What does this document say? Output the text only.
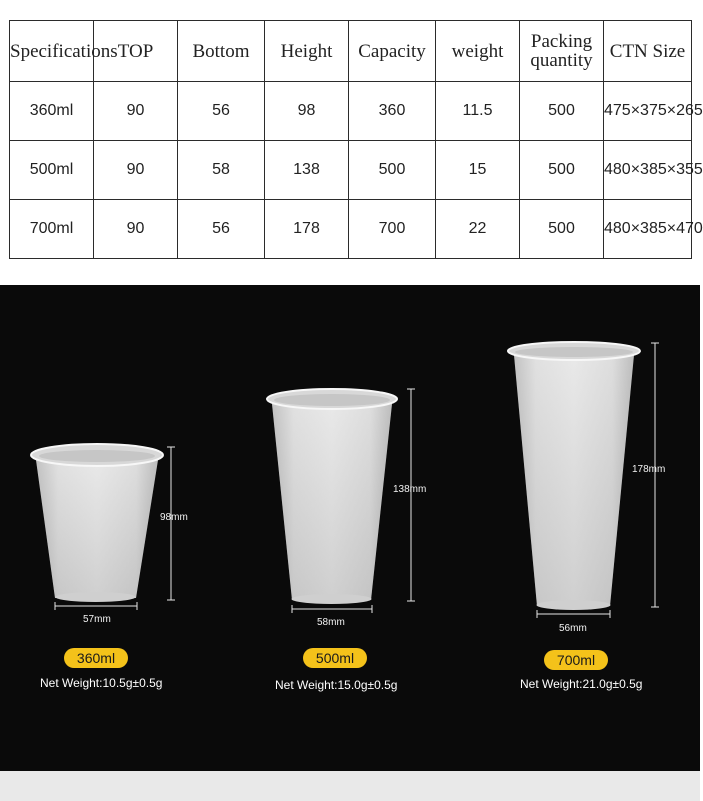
Specifications	TOP	Bottom	Height	Capacity	weight	Packing quantity	CTN Size
360ml	90	56	98	360	11.5	500	475×375×265
500ml	90	58	138	500	15	500	480×385×355
700ml	90	56	178	700	22	500	480×385×470
98mm
57mm
360ml
Net Weight:10.5g±0.5g
138mm
58mm
500ml
Net Weight:15.0g±0.5g
178mm
56mm
700ml
Net Weight:21.0g±0.5g
